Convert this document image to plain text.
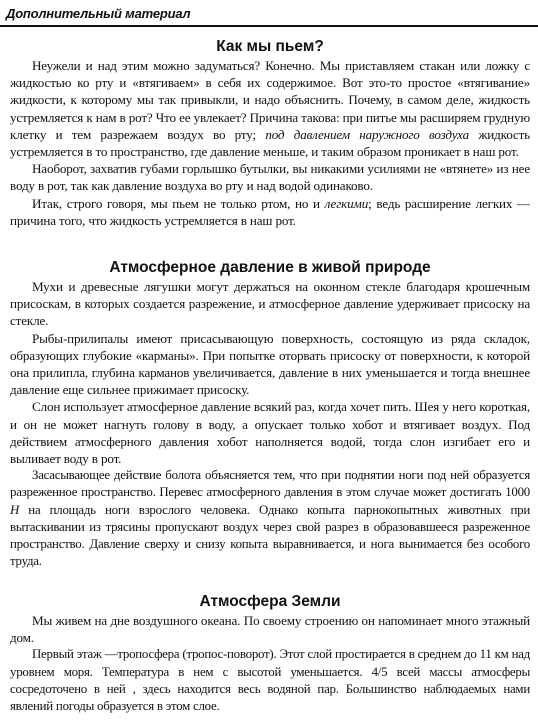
Дополнительный материал
Как мы пьем?

Неужели и над этим можно задуматься? Конечно. Мы приставляем стакан или ложку с жидкостью ко рту и «втягиваем» в себя их содержимое. Вот это-то простое «втягивание» жидкости, к которому мы так привыкли, и надо объяснить. Почему, в самом деле, жидкость устремляется к нам в рот? Что ее увлекает? Причина такова: при питье мы расширяем грудную клетку и тем разрежаем воздух во рту; под давлением наружного воздуха жидкость устремляется в то пространство, где давление меньше, и таким образом проникает в наш рот.

Наоборот, захватив губами горлышко бутылки, вы никакими усилиями не «втянете» из нее воду в рот, так как давление воздуха во рту и над водой одинаково.

Итак, строго говоря, мы пьем не только ртом, но и легкими; ведь расширение легких — причина того, что жидкость устремляется в наш рот.

Атмосферное давление в живой природе

Мухи и древесные лягушки могут держаться на оконном стекле благодаря крошечным присоскам, в которых создается разрежение, и атмосферное давление удерживает присоску на стекле.

Рыбы-прилипалы имеют присасывающую поверхность, состоящую из ряда складок, образующих глубокие «карманы». При попытке оторвать присоску от поверхности, к которой она прилипла, глубина карманов увеличивается, давление в них уменьшается и тогда внешнее давление еще сильнее прижимает присоску.

Слон использует атмосферное давление всякий раз, когда хочет пить. Шея у него короткая, и он не может нагнуть голову в воду, а опускает только хобот и втягивает воздух. Под действием атмосферного давления хобот наполняется водой, тогда слон изгибает его и выливает воду в рот.

Засасывающее действие болота объясняется тем, что при поднятии ноги под ней образуется разреженное пространство. Перевес атмосферного давления в этом случае может достигать 1000 Н на площадь ноги взрослого человека. Однако копыта парнокопытных животных при вытаскивании из трясины пропускают воздух через свой разрез в образовавшееся разреженное пространство. Давление сверху и снизу копыта выравнивается, и нога вынимается без особого труда.

Атмосфера Земли

Мы живем на дне воздушного океана. По своему строению он напоминает много этажный дом.

Первый этаж —тропосфера (тропос-поворот). Этот слой простирается в среднем до 11 км над уровнем моря. Температура в нем с высотой уменьшается. 4/5 всей массы атмосферы сосредоточено в ней , здесь находится весь водяной пар. Большинство наблюдаемых нами явлений погоды образуется в этом слое.
